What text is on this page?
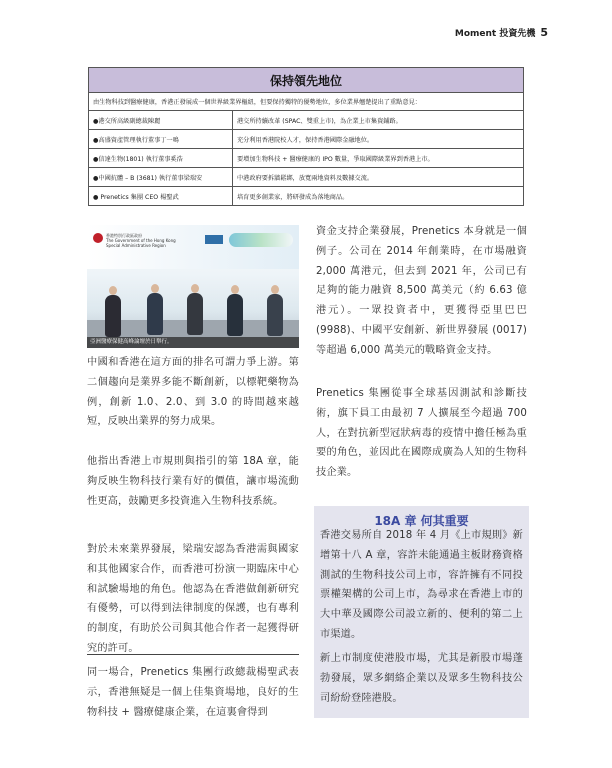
Moment 投資先機 5
保持領先地位	
由生物科技到醫療健康，香港正發展成一個世界級業界樞紐，但要保持獨特的優勢地位，多位業界翹楚提出了重點意見：	
●港交所高級副總裁陳麗	港交所持續改革 (SPAC、雙重上市)，為企業上市集資鋪路。
●高盛資產管理執行董事丁一鳴	充分利用香港院校人才，保持香港國際金融地位。
●信達生物(1801) 執行董事奚浩	要增加生物科技 + 醫療健康的 IPO 數量，爭取國際級業界到香港上市。
●中國抗體 – B (3681) 執行董事梁瑞安	中港政府要拆牆鬆綁，放寬兩地資料及數據交流。
● Prenetics 集團 CEO 楊聖武	培育更多創業家，將研發成為落地商品。
香港特別行政區政府
The Government of the Hong Kong
Special Administrative Region
亞洲醫療保健高峰論壇於日舉行。
中國和香港在這方面的排名可謂力爭上游。第二個趨向是業界多能不斷創新，以標靶藥物為例，創新 1.0、2.0、到 3.0 的時間越來越短，反映出業界的努力成果。
他指出香港上市規則與指引的第 18A 章，能夠反映生物科技行業有好的價值，讓市場流動性更高，鼓勵更多投資進入生物科技系統。
對於未來業界發展，梁瑞安認為香港需與國家和其他國家合作，而香港可扮演一期臨床中心和試驗場地的角色。他認為在香港做創新研究有優勢，可以得到法律制度的保護，也有專利的制度，有助於公司與其他合作者一起獲得研究的許可。
同一場合，Prenetics 集團行政總裁楊聖武表示，香港無疑是一個上佳集資場地，良好的生物科技 + 醫療健康企業，在這裏會得到
資金支持企業發展，Prenetics 本身就是一個例子。公司在 2014 年創業時，在市場融資 2,000 萬港元，但去到 2021 年，公司已有足夠的能力融資 8,500 萬美元（約 6.63 億港元）。一眾投資者中，更獲得亞里巴巴 (9988)、中國平安創新、新世界發展 (0017) 等超過 6,000 萬美元的戰略資金支持。
Prenetics 集團從事全球基因測試和診斷技術，旗下員工由最初 7 人擴展至今超過 700 人，在對抗新型冠狀病毒的疫情中擔任極為重要的角色，並因此在國際成廣為人知的生物科技企業。
18A 章 何其重要
香港交易所自 2018 年 4 月《上市規則》新增第十八 A 章，容許未能通過主板財務資格測試的生物科技公司上市，容許擁有不同投票權架構的公司上市，為尋求在香港上市的大中華及國際公司設立新的、便利的第二上市渠道。
新上市制度使港股市場，尤其是新股市場蓬勃發展，眾多網絡企業以及眾多生物科技公司紛紛登陸港股。
